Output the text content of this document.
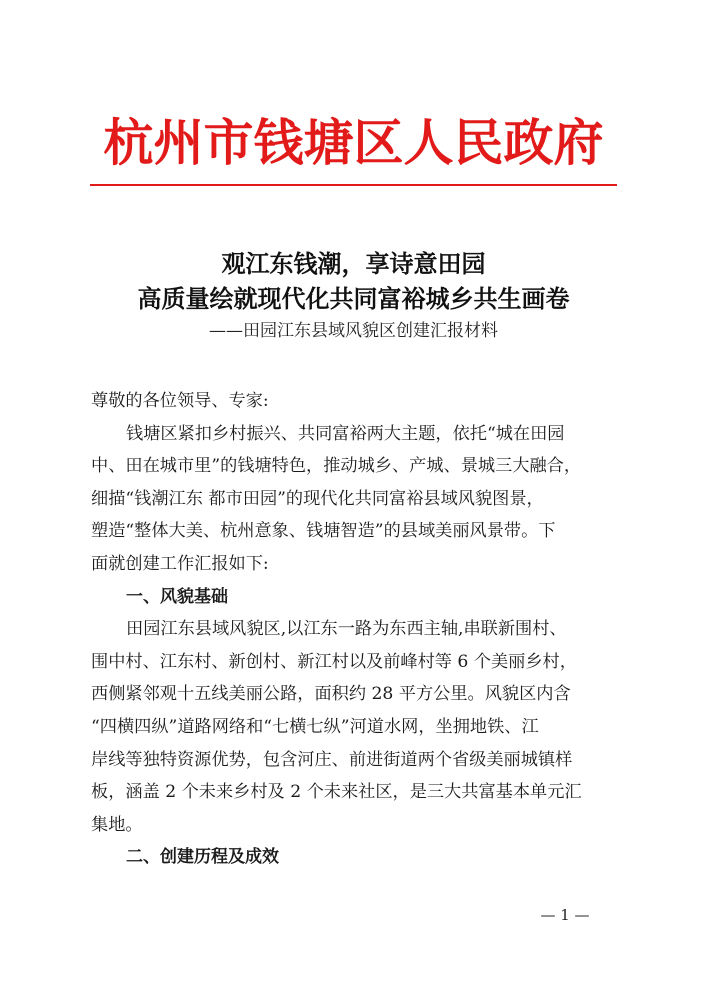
杭州市钱塘区人民政府
观江东钱潮，享诗意田园
高质量绘就现代化共同富裕城乡共生画卷
——田园江东县域风貌区创建汇报材料
尊敬的各位领导、专家:
钱塘区紧扣乡村振兴、共同富裕两大主题，依托“城在田园
中、田在城市里”的钱塘特色，推动城乡、产城、景城三大融合，
细描“钱潮江东 都市田园”的现代化共同富裕县域风貌图景，
塑造“整体大美、杭州意象、钱塘智造”的县域美丽风景带。下
面就创建工作汇报如下:
一、风貌基础
田园江东县域风貌区,以江东一路为东西主轴,串联新围村、
围中村、江东村、新创村、新江村以及前峰村等 6 个美丽乡村，
西侧紧邻观十五线美丽公路，面积约 28 平方公里。风貌区内含
“四横四纵”道路网络和“七横七纵”河道水网，坐拥地铁、江
岸线等独特资源优势，包含河庄、前进街道两个省级美丽城镇样
板，涵盖 2 个未来乡村及 2 个未来社区，是三大共富基本单元汇
集地。
二、创建历程及成效
— 1 —
